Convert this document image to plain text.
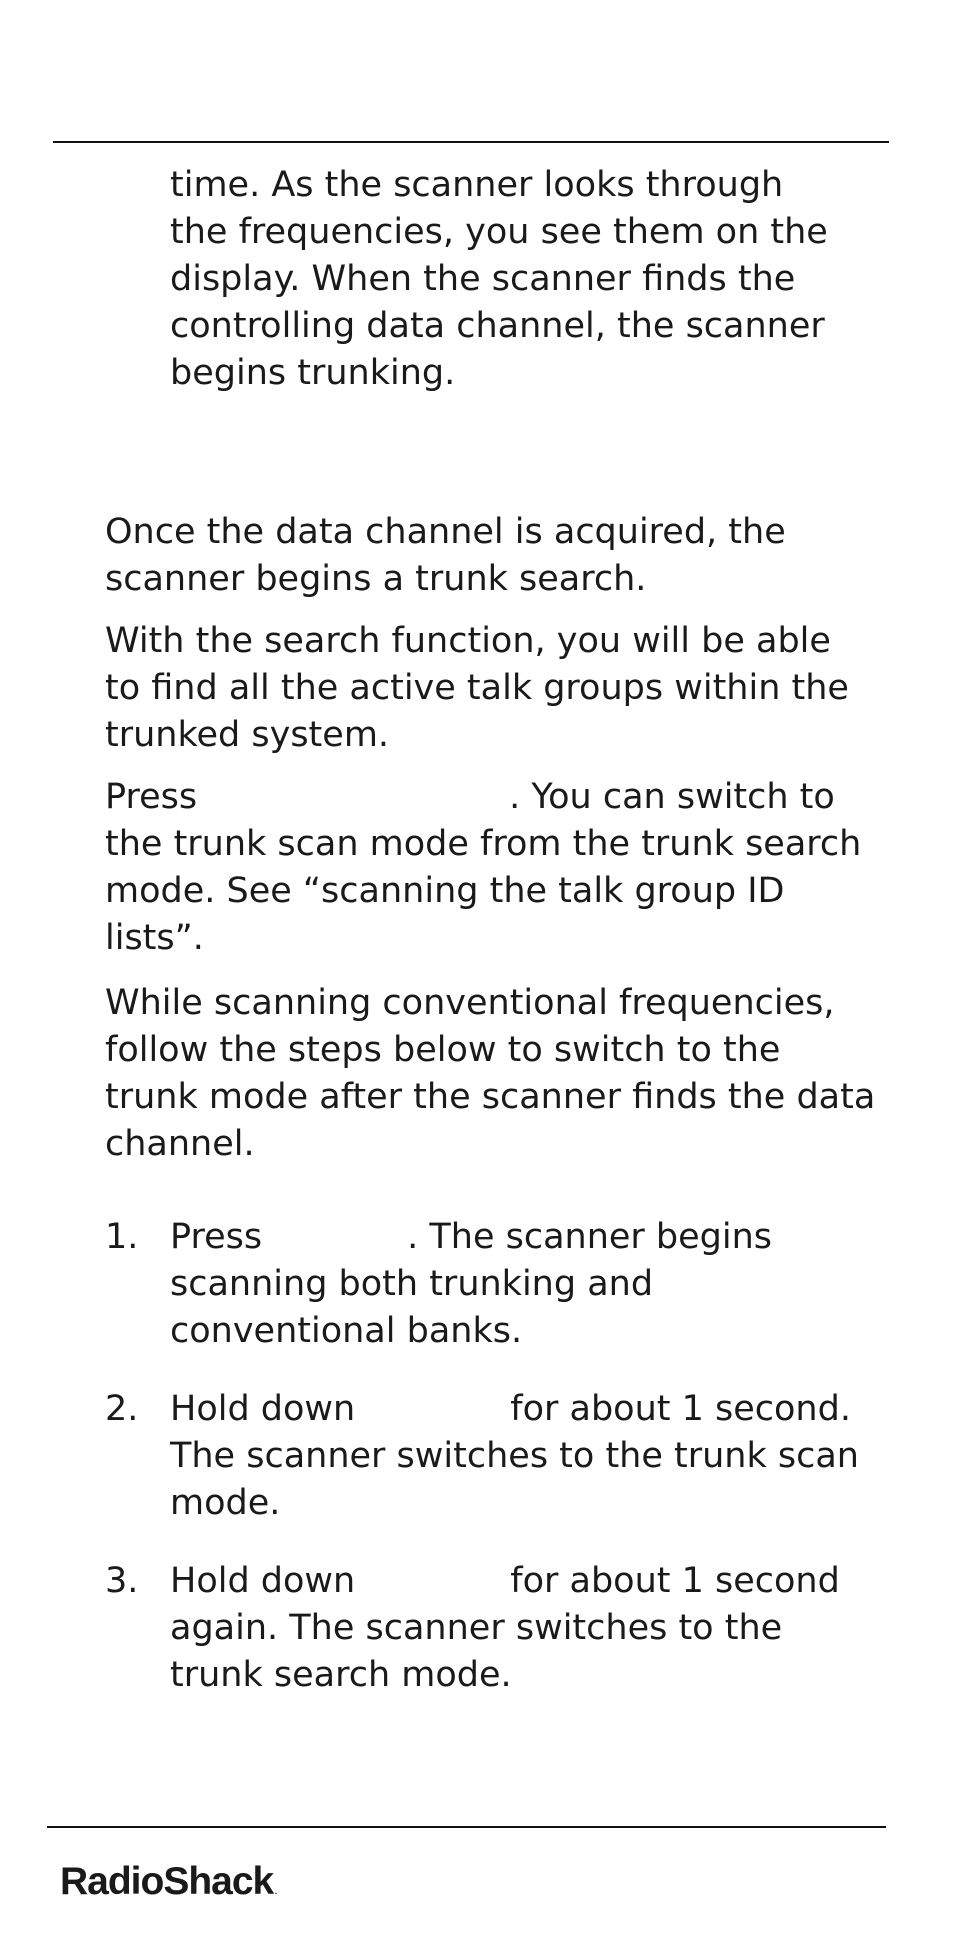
time. As the scanner looks through
the frequencies, you see them on the
display. When the scanner finds the
controlling data channel, the scanner
begins trunking.

Once the data channel is acquired, the
scanner begins a trunk search.

With the search function, you will be able
to find all the active talk groups within the
trunked system.

Press	. You can switch to
the trunk scan mode from the trunk search
mode. See “scanning the talk group ID
lists”.

While scanning conventional frequencies,
follow the steps below to switch to the
trunk mode after the scanner finds the data
channel.

1. Press	. The scanner begins
scanning both trunking and
conventional banks.
2. Hold down	for about 1 second.
The scanner switches to the trunk scan
mode.
3. Hold down	for about 1 second
again. The scanner switches to the
trunk search mode.
RadioShack.
